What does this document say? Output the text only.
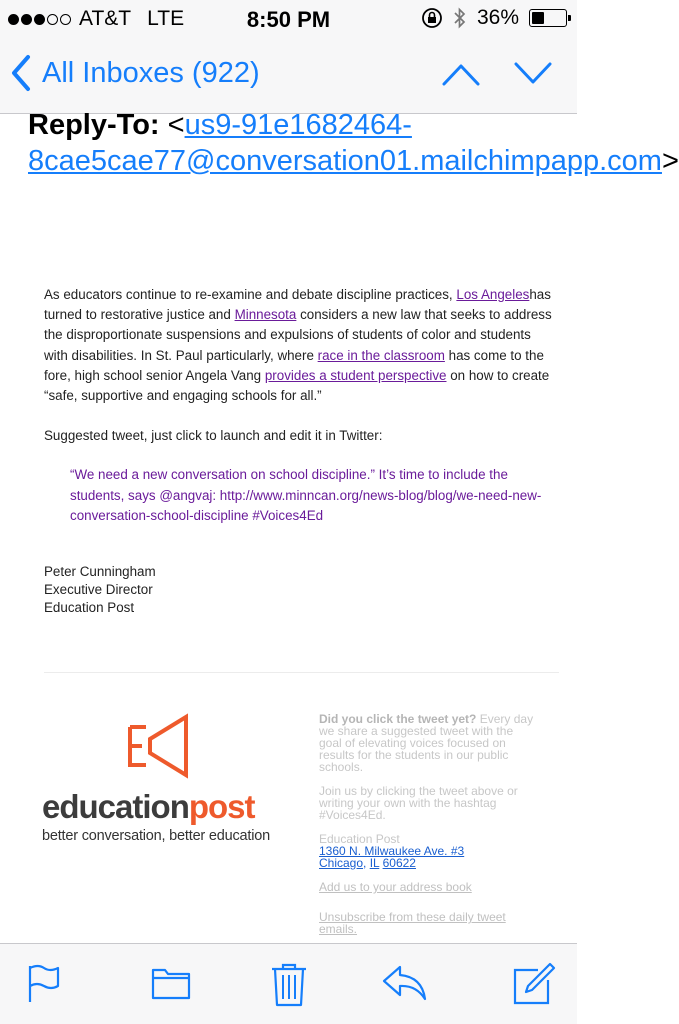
AT&T LTE	8:50 PM	36%
All Inboxes (922)
Reply-To: <us9-91e1682464-8cae5cae77@conversation01.mailchimpapp.com>

As educators continue to re-examine and debate discipline practices, Los Angeleshas turned to restorative justice and Minnesota considers a new law that seeks to address the disproportionate suspensions and expulsions of students of color and students with disabilities. In St. Paul particularly, where race in the classroom has come to the fore, high school senior Angela Vang provides a student perspective on how to create “safe, supportive and engaging schools for all.”

Suggested tweet, just click to launch and edit it in Twitter:

“We need a new conversation on school discipline.” It’s time to include the students, says @angvaj: http://www.minncan.org/news-blog/blog/we-need-new-conversation-school-discipline #Voices4Ed

Peter Cunningham
Executive Director
Education Post
educationpost
better conversation, better education

Did you click the tweet yet? Every day we share a suggested tweet with the goal of elevating voices focused on results for the students in our public schools.

Join us by clicking the tweet above or writing your own with the hashtag #Voices4Ed.

Education Post
1360 N. Milwaukee Ave. #3
Chicago, IL 60622

Add us to your address book

Unsubscribe from these daily tweet emails.
